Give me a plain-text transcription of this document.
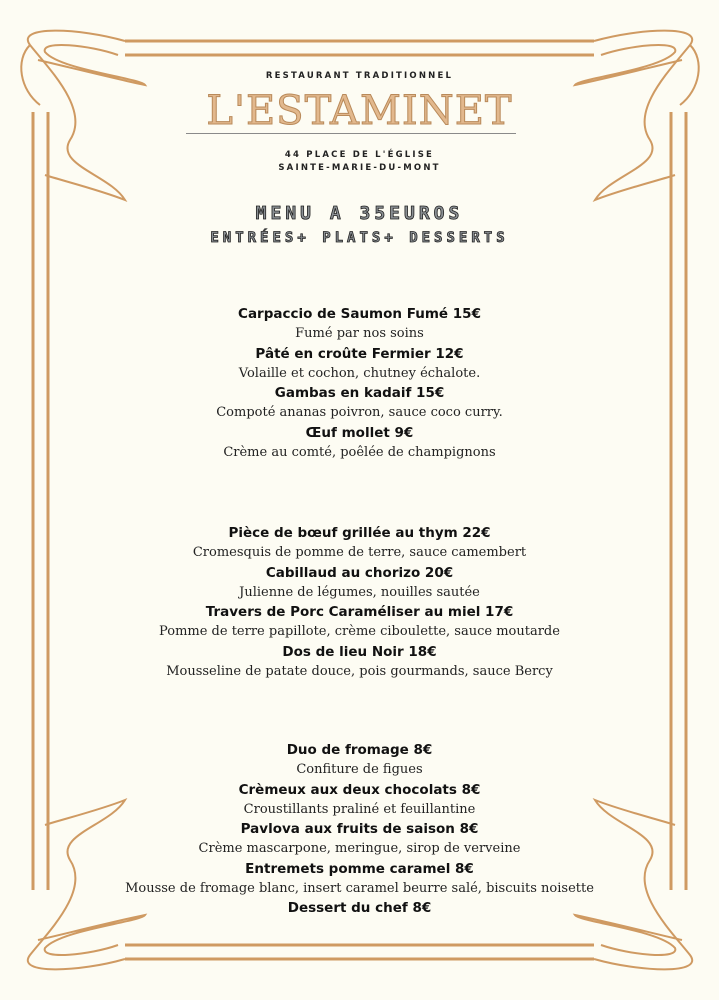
RESTAURANT TRADITIONNEL
L'ESTAMINET
44 PLACE DE L'ÉGLISE
SAINTE-MARIE-DU-MONT
MENU A 35EUROS
ENTRÉES+ PLATS+ DESSERTS
Carpaccio de Saumon Fumé 15€
Fumé par nos soins
Pâté en croûte Fermier 12€
Volaille et cochon, chutney échalote.
Gambas en kadaif 15€
Compoté ananas poivron, sauce coco curry.
Œuf mollet 9€
Crème au comté, poêlée de champignons
Pièce de bœuf grillée au thym 22€
Cromesquis de pomme de terre, sauce camembert
Cabillaud au chorizo 20€
Julienne de légumes, nouilles sautée
Travers de Porc Caraméliser au miel 17€
Pomme de terre papillote, crème ciboulette, sauce moutarde
Dos de lieu Noir 18€
Mousseline de patate douce, pois gourmands, sauce Bercy
Duo de fromage 8€
Confiture de figues
Crèmeux aux deux chocolats 8€
Croustillants praliné et feuillantine
Pavlova aux fruits de saison 8€
Crème mascarpone, meringue, sirop de verveine
Entremets pomme caramel 8€
Mousse de fromage blanc, insert caramel beurre salé, biscuits noisette
Dessert du chef 8€
